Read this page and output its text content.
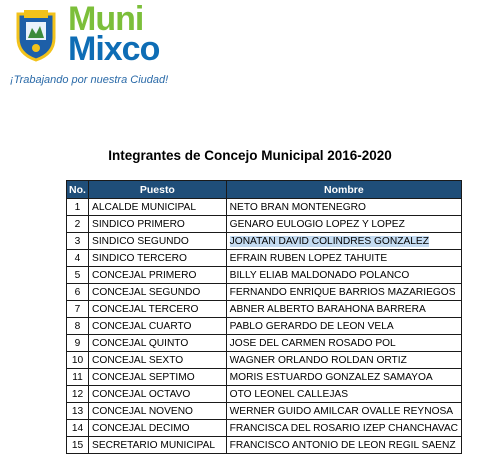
Muni
Mixco
¡Trabajando por nuestra Ciudad!
Integrantes de Concejo Municipal 2016-2020
No.	Puesto	Nombre
1	ALCALDE MUNICIPAL	NETO BRAN MONTENEGRO
2	SINDICO PRIMERO	GENARO EULOGIO LOPEZ Y LOPEZ
3	SINDICO SEGUNDO	JONATAN DAVID COLINDRES GONZALEZ
4	SINDICO TERCERO	EFRAIN RUBEN LOPEZ TAHUITE
5	CONCEJAL PRIMERO	BILLY ELIAB MALDONADO POLANCO
6	CONCEJAL SEGUNDO	FERNANDO ENRIQUE BARRIOS MAZARIEGOS
7	CONCEJAL TERCERO	ABNER ALBERTO BARAHONA BARRERA
8	CONCEJAL CUARTO	PABLO GERARDO DE LEON VELA
9	CONCEJAL QUINTO	JOSE DEL CARMEN ROSADO POL
10	CONCEJAL SEXTO	WAGNER ORLANDO ROLDAN ORTIZ
11	CONCEJAL SEPTIMO	MORIS ESTUARDO GONZALEZ SAMAYOA
12	CONCEJAL OCTAVO	OTO LEONEL CALLEJAS
13	CONCEJAL NOVENO	WERNER GUIDO AMILCAR OVALLE REYNOSA
14	CONCEJAL DECIMO	FRANCISCA DEL ROSARIO IZEP CHANCHAVAC
15	SECRETARIO MUNICIPAL	FRANCISCO ANTONIO DE LEON REGIL SAENZ
